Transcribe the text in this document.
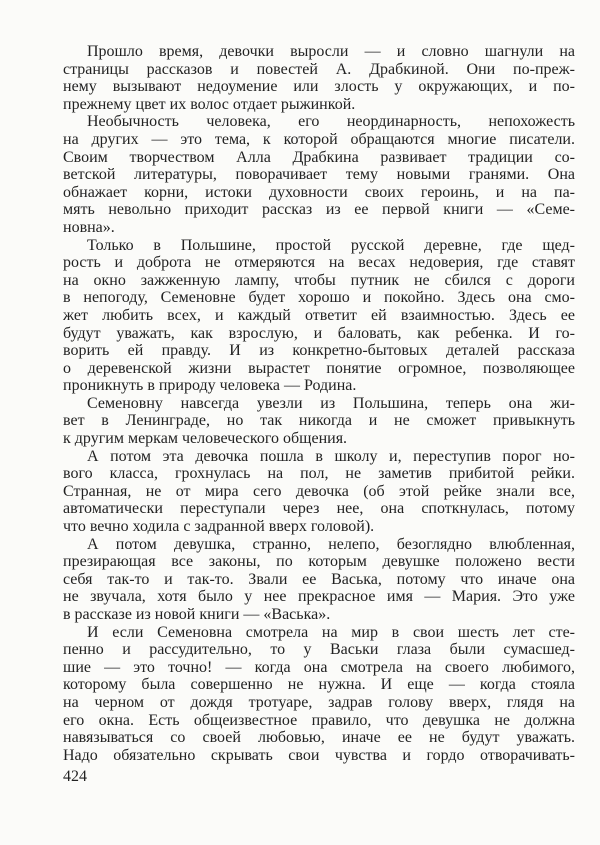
Прошло время, девочки выросли — и словно шагнули на
страницы рассказов и повестей А. Драбкиной. Они по-преж-
нему вызывают недоумение или злость у окружающих, и по-
прежнему цвет их волос отдает рыжинкой.
Необычность человека, его неординарность, непохожесть
на других — это тема, к которой обращаются многие писатели.
Своим творчеством Алла Драбкина развивает традиции со-
ветской литературы, поворачивает тему новыми гранями. Она
обнажает корни, истоки духовности своих героинь, и на па-
мять невольно приходит рассказ из ее первой книги — «Семе-
новна».
Только в Польшине, простой русской деревне, где щед-
рость и доброта не отмеряются на весах недоверия, где ставят
на окно зажженную лампу, чтобы путник не сбился с дороги
в непогоду, Семеновне будет хорошо и покойно. Здесь она смо-
жет любить всех, и каждый ответит ей взаимностью. Здесь ее
будут уважать, как взрослую, и баловать, как ребенка. И го-
ворить ей правду. И из конкретно-бытовых деталей рассказа
о деревенской жизни вырастет понятие огромное, позволяющее
проникнуть в природу человека — Родина.
Семеновну навсегда увезли из Польшина, теперь она жи-
вет в Ленинграде, но так никогда и не сможет привыкнуть
к другим меркам человеческого общения.
А потом эта девочка пошла в школу и, переступив порог но-
вого класса, грохнулась на пол, не заметив прибитой рейки.
Странная, не от мира сего девочка (об этой рейке знали все,
автоматически переступали через нее, она споткнулась, потому
что вечно ходила с задранной вверх головой).
А потом девушка, странно, нелепо, безоглядно влюбленная,
презирающая все законы, по которым девушке положено вести
себя так-то и так-то. Звали ее Васька, потому что иначе она
не звучала, хотя было у нее прекрасное имя — Мария. Это уже
в рассказе из новой книги — «Васька».
И если Семеновна смотрела на мир в свои шесть лет сте-
пенно и рассудительно, то у Васьки глаза были сумасшед-
шие — это точно! — когда она смотрела на своего любимого,
которому была совершенно не нужна. И еще — когда стояла
на черном от дождя тротуаре, задрав голову вверх, глядя на
его окна. Есть общеизвестное правило, что девушка не должна
навязываться со своей любовью, иначе ее не будут уважать.
Надо обязательно скрывать свои чувства и гордо отворачивать-
424
